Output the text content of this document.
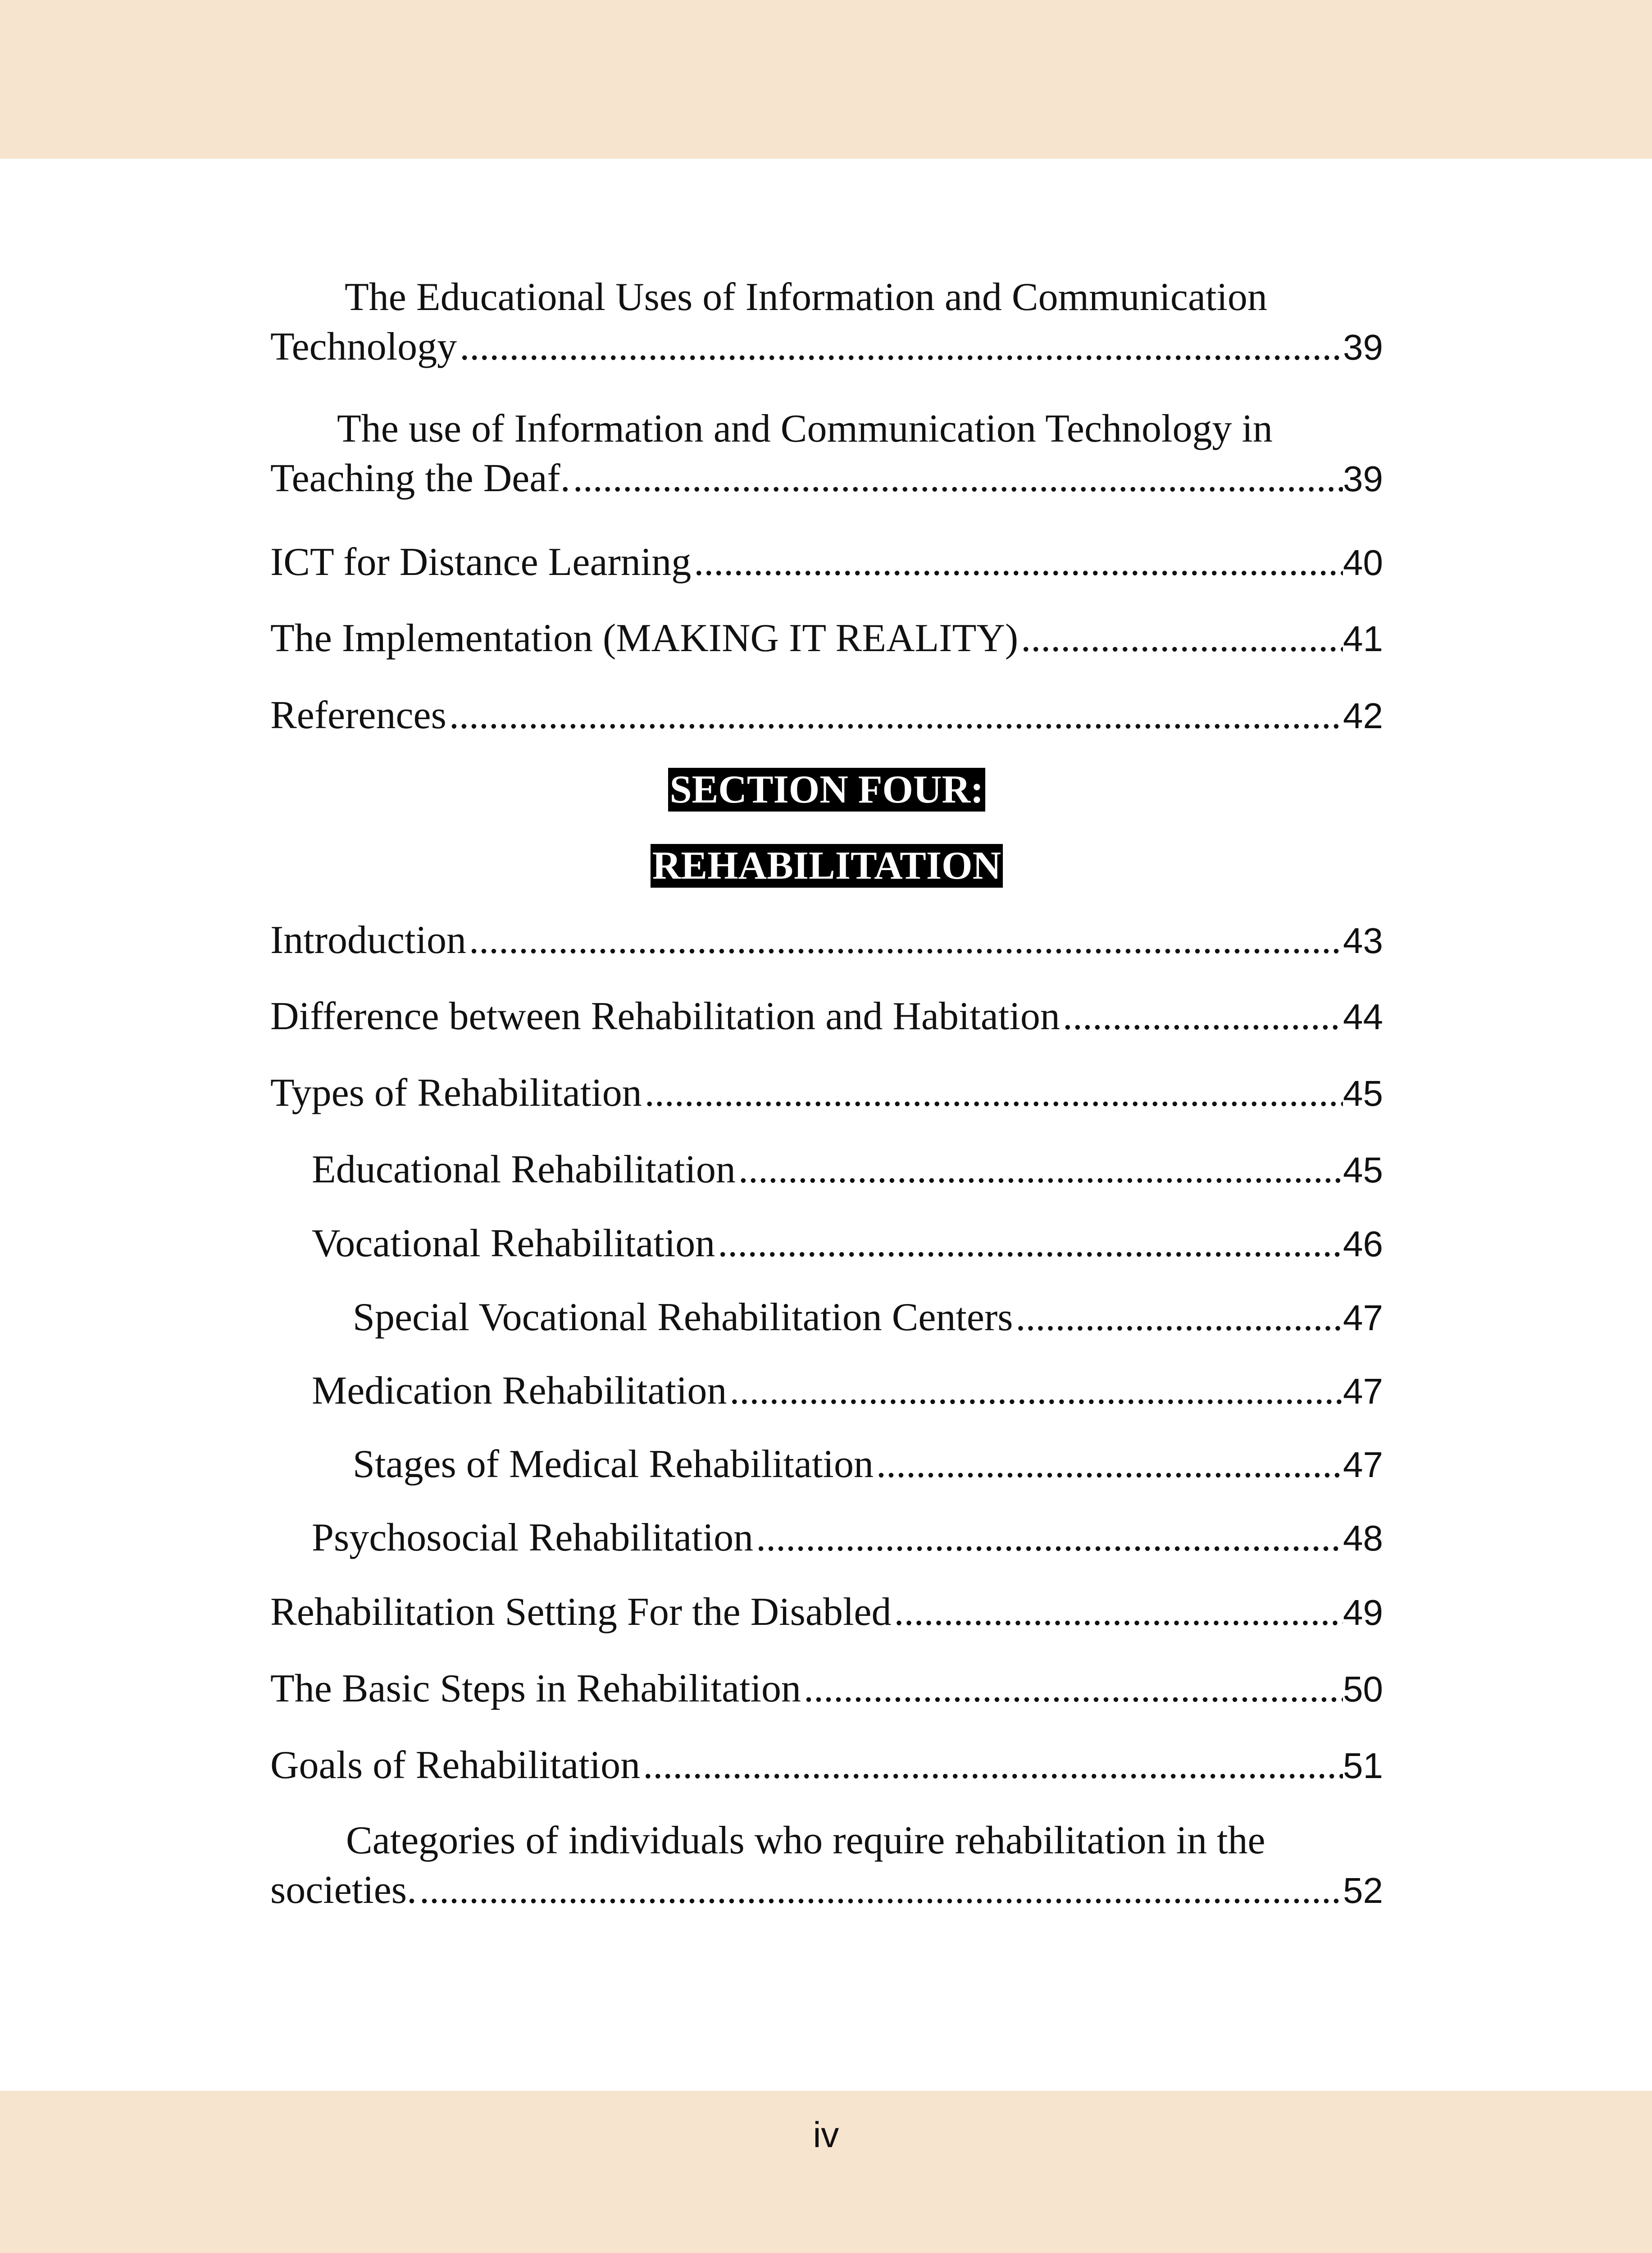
The Educational Uses of Information and Communication
Technology .....	39
The use of Information and Communication Technology in
Teaching the Deaf. .....	39
ICT for Distance Learning .....	40
The Implementation (MAKING IT REALITY) .....	41
References .....	42
SECTION FOUR:
REHABILITATION
Introduction .....	43
Difference between Rehabilitation and Habitation .....	44
Types of Rehabilitation .....	45
Educational Rehabilitation .....	45
Vocational Rehabilitation .....	46
Special Vocational Rehabilitation Centers .....	47
Medication Rehabilitation .....	47
Stages of Medical Rehabilitation .....	47
Psychosocial Rehabilitation .....	48
Rehabilitation Setting For the Disabled .....	49
The Basic Steps in Rehabilitation .....	50
Goals of Rehabilitation .....	51
Categories of individuals who require rehabilitation in the
societies. .....	52
iv
